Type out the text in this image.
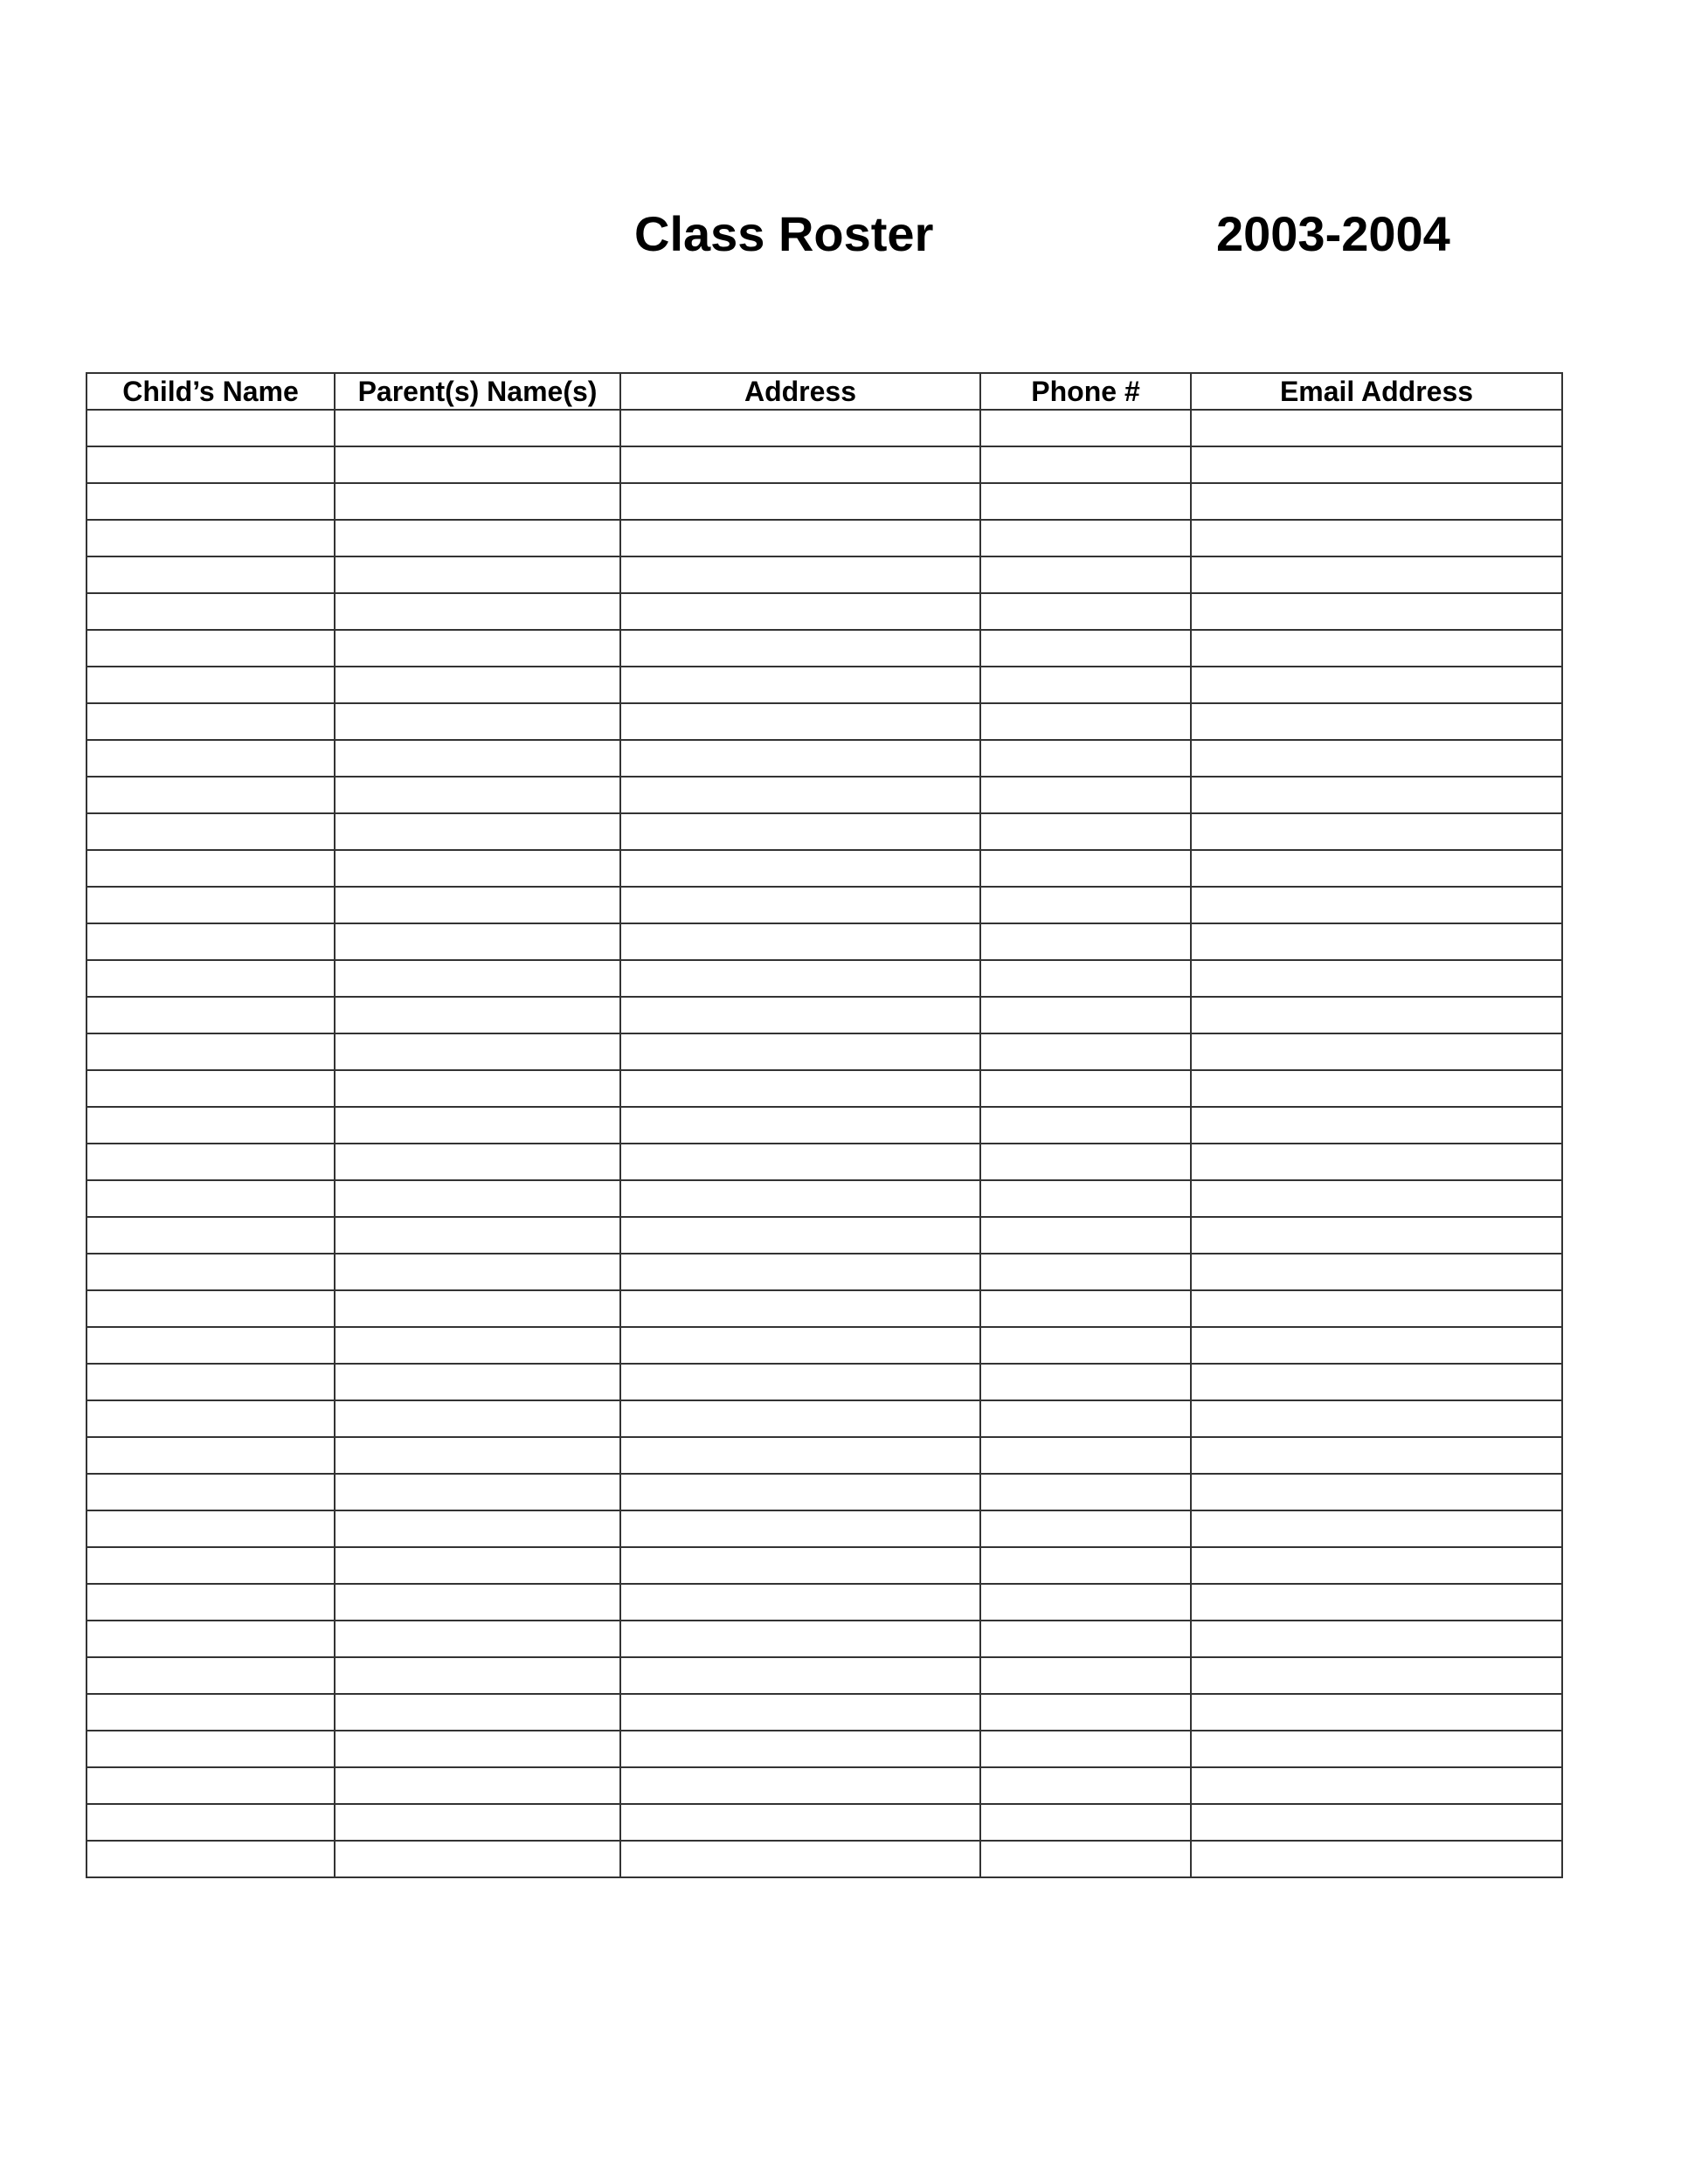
Class Roster	2003-2004
Child’s Name	Parent(s) Name(s)	Address	Phone #	Email Address
